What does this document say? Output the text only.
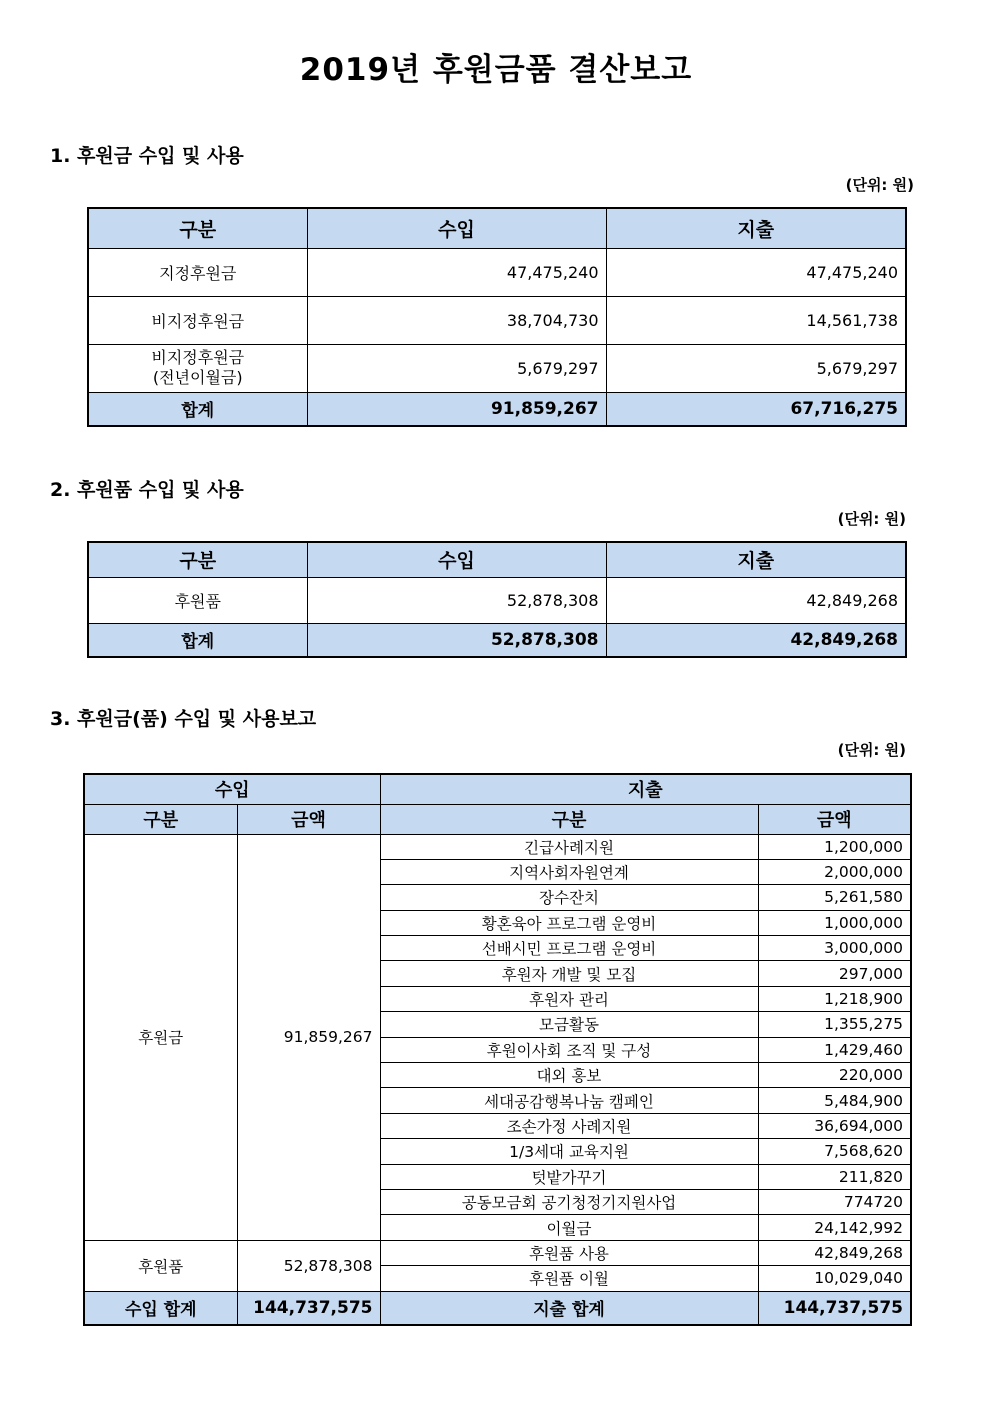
2019년 후원금품 결산보고
1. 후원금 수입 및 사용
(단위: 원)
구분	수입	지출
지정후원금	47,475,240	47,475,240
비지정후원금	38,704,730	14,561,738

비지정후원금
(전년이월금)	5,679,297	5,679,297
합계	91,859,267	67,716,275
2. 후원품 수입 및 사용
(단위: 원)
구분	수입	지출
후원품	52,878,308	42,849,268
합계	52,878,308	42,849,268
3. 후원금(품) 수입 및 사용보고
(단위: 원)
수입		지출	
구분	금액	구분	금액
후원금	91,859,267	긴급사례지원	1,200,000
		지역사회자원연계	2,000,000
		장수잔치	5,261,580
		황혼육아 프로그램 운영비	1,000,000
		선배시민 프로그램 운영비	3,000,000
		후원자 개발 및 모집	297,000
		후원자 관리	1,218,900
		모금활동	1,355,275
		후원이사회 조직 및 구성	1,429,460
		대외 홍보	220,000
		세대공감행복나눔 캠페인	5,484,900
		조손가정 사례지원	36,694,000
		1/3세대 교육지원	7,568,620
		텃밭가꾸기	211,820
		공동모금회 공기청정기지원사업	774720
		이월금	24,142,992
후원품	52,878,308	후원품 사용	42,849,268
		후원품 이월	10,029,040
수입 합계	144,737,575	지출 합계	144,737,575
